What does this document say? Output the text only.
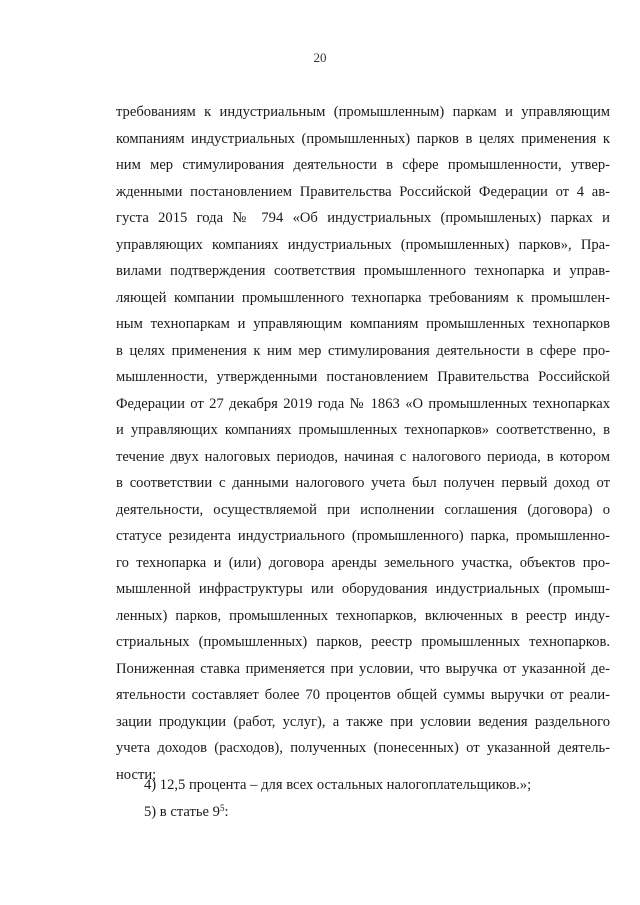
20
требованиям к индустриальным (промышленным) паркам и управляющим
компаниям индустриальных (промышленных) парков в целях применения к
ним мер стимулирования деятельности в сфере промышленности, утвер-
жденными постановлением Правительства Российской Федерации от 4 ав-
густа 2015 года № 794 «Об индустриальных (промышленых) парках и
управляющих компаниях индустриальных (промышленных) парков», Пра-
вилами подтверждения соответствия промышленного технопарка и управ-
ляющей компании промышленного технопарка требованиям к промышлен-
ным технопаркам и управляющим компаниям промышленных технопарков
в целях применения к ним мер стимулирования деятельности в сфере про-
мышленности, утвержденными постановлением Правительства Российской
Федерации от 27 декабря 2019 года № 1863 «О промышленных технопарках
и управляющих компаниях промышленных технопарков» соответственно, в
течение двух налоговых периодов, начиная с налогового периода, в котором
в соответствии с данными налогового учета был получен первый доход от
деятельности, осуществляемой при исполнении соглашения (договора) о
статусе резидента индустриального (промышленного) парка, промышленно-
го технопарка и (или) договора аренды земельного участка, объектов про-
мышленной инфраструктуры или оборудования индустриальных (промыш-
ленных) парков, промышленных технопарков, включенных в реестр инду-
стриальных (промышленных) парков, реестр промышленных технопарков.
Пониженная ставка применяется при условии, что выручка от указанной де-
ятельности составляет более 70 процентов общей суммы выручки от реали-
зации продукции (работ, услуг), а также при условии ведения раздельного
учета доходов (расходов), полученных (понесенных) от указанной деятель-
ности;
4) 12,5 процента – для всех остальных налогоплательщиков.»;
5) в статье $9^5$:
